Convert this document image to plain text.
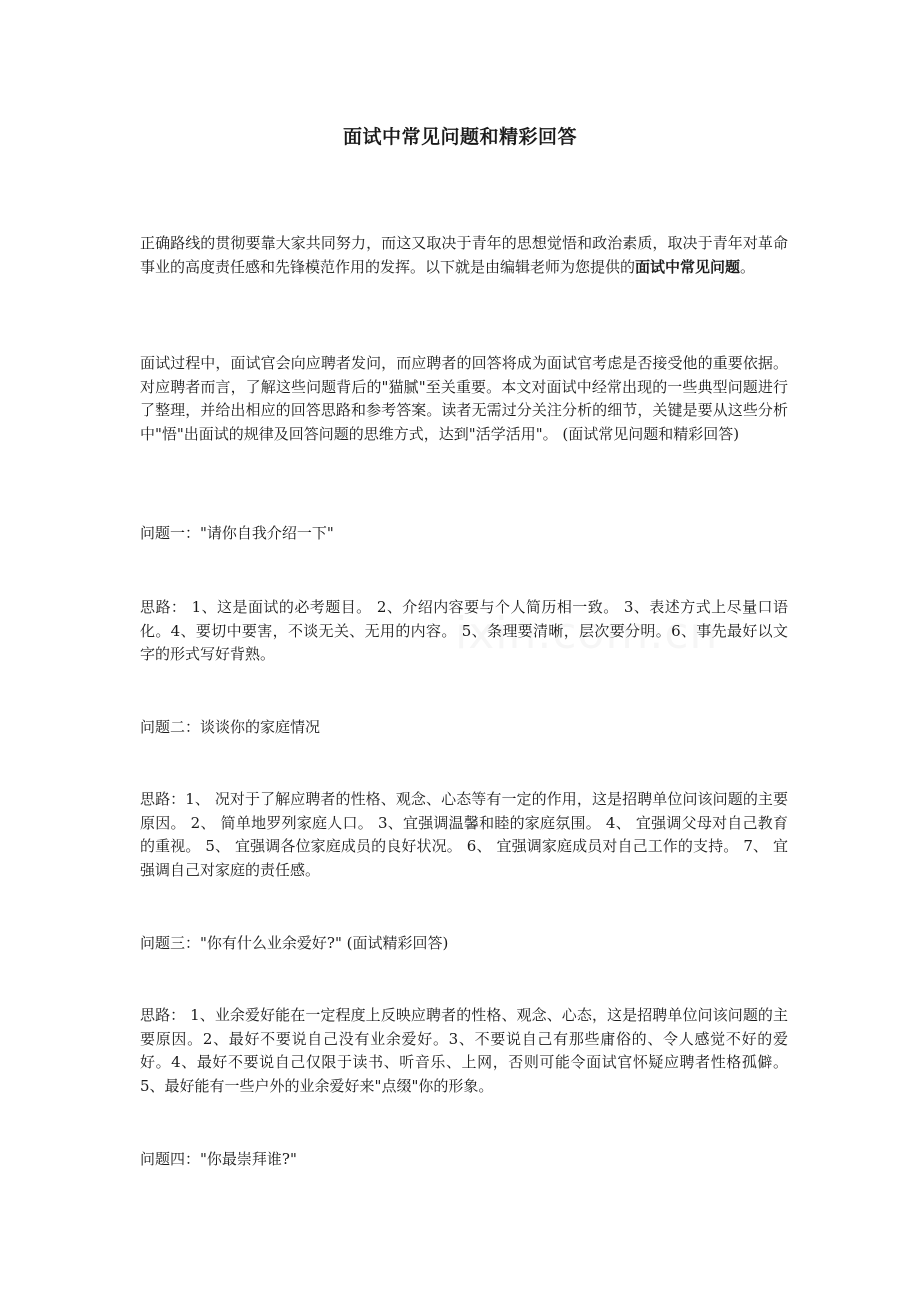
面试中常见问题和精彩回答

正确路线的贯彻要靠大家共同努力，而这又取决于青年的思想觉悟和政治素质，取决于青年对革命事业的高度责任感和先锋模范作用的发挥。以下就是由编辑老师为您提供的面试中常见问题。

面试过程中，面试官会向应聘者发问，而应聘者的回答将成为面试官考虑是否接受他的重要依据。对应聘者而言，了解这些问题背后的"猫腻"至关重要。本文对面试中经常出现的一些典型问题进行了整理，并给出相应的回答思路和参考答案。读者无需过分关注分析的细节，关键是要从这些分析中"悟"出面试的规律及回答问题的思维方式，达到"活学活用"。 (面试常见问题和精彩回答)

问题一："请你自我介绍一下"

思路： 1、这是面试的必考题目。 2、介绍内容要与个人简历相一致。 3、表述方式上尽量口语化。4、要切中要害，不谈无关、无用的内容。 5、条理要清晰，层次要分明。6、事先最好以文字的形式写好背熟。

问题二：谈谈你的家庭情况

思路：1、 况对于了解应聘者的性格、观念、心态等有一定的作用，这是招聘单位问该问题的主要原因。 2、 简单地罗列家庭人口。 3、宜强调温馨和睦的家庭氛围。 4、 宜强调父母对自己教育的重视。 5、 宜强调各位家庭成员的良好状况。 6、 宜强调家庭成员对自己工作的支持。 7、 宜强调自己对家庭的责任感。

问题三："你有什么业余爱好?" (面试精彩回答)

思路： 1、业余爱好能在一定程度上反映应聘者的性格、观念、心态，这是招聘单位问该问题的主要原因。2、最好不要说自己没有业余爱好。3、不要说自己有那些庸俗的、令人感觉不好的爱好。4、最好不要说自己仅限于读书、听音乐、上网，否则可能令面试官怀疑应聘者性格孤僻。 5、最好能有一些户外的业余爱好来"点缀"你的形象。

问题四："你最崇拜谁?"
